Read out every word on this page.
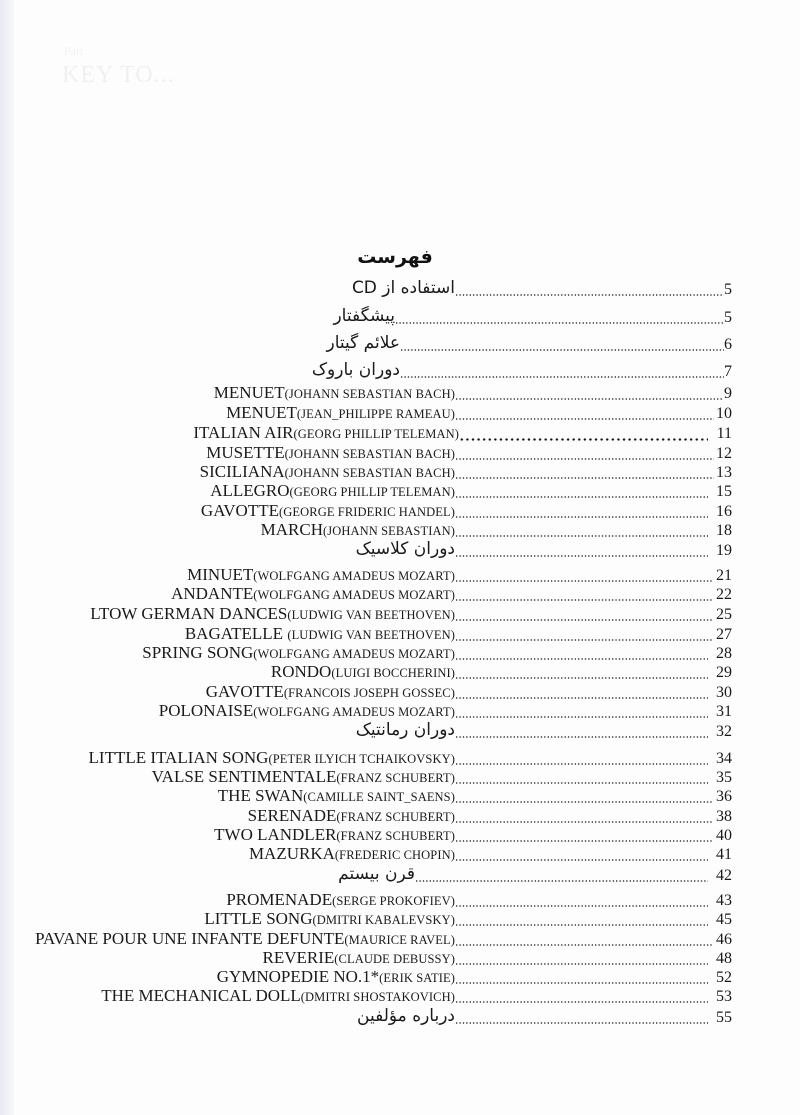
Part
KEY TO...
فهرست
استفاده از CD	5
پیشگفتار	5
علائم گیتار	6
دوران باروک	7
MENUET(JOHANN SEBASTIAN BACH)	9
MENUET(JEAN_PHILIPPE RAMEAU)	10
ITALIAN AIR(GEORG PHILLIP TELEMAN)	11
MUSETTE(JOHANN SEBASTIAN BACH)	12
SICILIANA(JOHANN SEBASTIAN BACH)	13
ALLEGRO(GEORG PHILLIP TELEMAN)	15
GAVOTTE(GEORGE FRIDERIC HANDEL)	16
MARCH(JOHANN SEBASTIAN)	18
دوران کلاسیک	19
MINUET(WOLFGANG AMADEUS MOZART)	21
ANDANTE(WOLFGANG AMADEUS MOZART)	22
LTOW GERMAN DANCES(LUDWIG VAN BEETHOVEN)	25
BAGATELLE (LUDWIG VAN BEETHOVEN)	27
SPRING SONG(WOLFGANG AMADEUS MOZART)	28
RONDO(LUIGI BOCCHERINI)	29
GAVOTTE(FRANCOIS JOSEPH GOSSEC)	30
POLONAISE(WOLFGANG AMADEUS MOZART)	31
دوران رمانتیک	32
LITTLE ITALIAN SONG(PETER ILYICH TCHAIKOVSKY)	34
VALSE SENTIMENTALE(FRANZ SCHUBERT)	35
THE SWAN(CAMILLE SAINT_SAENS)	36
SERENADE(FRANZ SCHUBERT)	38
TWO LANDLER(FRANZ SCHUBERT)	40
MAZURKA(FREDERIC CHOPIN)	41
قرن بیستم	42
PROMENADE(SERGE PROKOFIEV)	43
LITTLE SONG(DMITRI KABALEVSKY)	45
PAVANE POUR UNE INFANTE DEFUNTE(MAURICE RAVEL)	46
REVERIE(CLAUDE DEBUSSY)	48
GYMNOPEDIE NO.1*(ERIK SATIE)	52
THE MECHANICAL DOLL(DMITRI SHOSTAKOVICH)	53
درباره مؤلفین	55
